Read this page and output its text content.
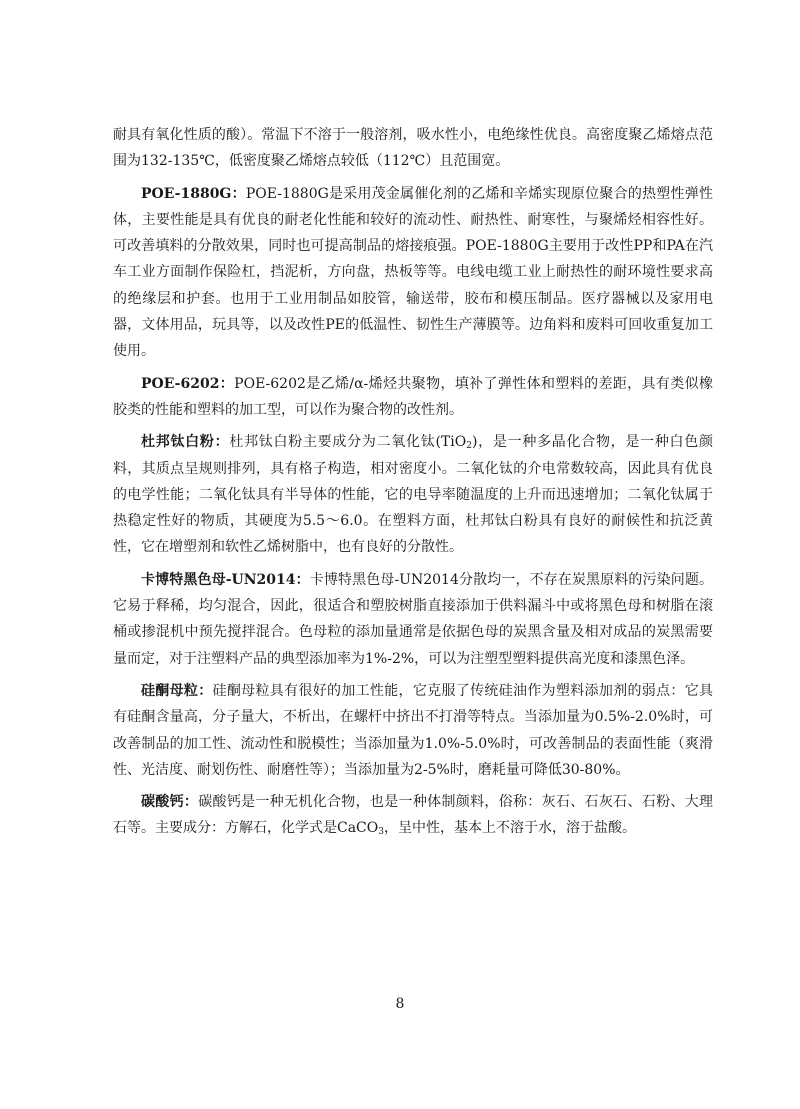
耐具有氧化性质的酸）。常温下不溶于一般溶剂，吸水性小，电绝缘性优良。高密度聚乙烯熔点范围为132-135℃，低密度聚乙烯熔点较低（112℃）且范围宽。

POE-1880G：POE-1880G是采用茂金属催化剂的乙烯和辛烯实现原位聚合的热塑性弹性体，主要性能是具有优良的耐老化性能和较好的流动性、耐热性、耐寒性，与聚烯烃相容性好。可改善填料的分散效果，同时也可提高制品的熔接痕强。POE-1880G主要用于改性PP和PA在汽车工业方面制作保险杠，挡泥析，方向盘，热板等等。电线电缆工业上耐热性的耐环境性要求高的绝缘层和护套。也用于工业用制品如胶管，输送带，胶布和模压制品。医疗器械以及家用电器，文体用品，玩具等，以及改性PE的低温性、韧性生产薄膜等。边角料和废料可回收重复加工使用。

POE-6202：POE-6202是乙烯/α-烯烃共聚物，填补了弹性体和塑料的差距，具有类似橡胶类的性能和塑料的加工型，可以作为聚合物的改性剂。

杜邦钛白粉：杜邦钛白粉主要成分为二氧化钛(TiO$_2$)，是一种多晶化合物，是一种白色颜料，其质点呈规则排列，具有格子构造，相对密度小。二氧化钛的介电常数较高，因此具有优良的电学性能；二氧化钛具有半导体的性能，它的电导率随温度的上升而迅速增加；二氧化钛属于热稳定性好的物质，其硬度为5.5～6.0。在塑料方面，杜邦钛白粉具有良好的耐候性和抗泛黄性，它在增塑剂和软性乙烯树脂中，也有良好的分散性。

卡博特黑色母-UN2014：卡博特黑色母-UN2014分散均一，不存在炭黑原料的污染问题。它易于释稀，均匀混合，因此，很适合和塑胶树脂直接添加于供料漏斗中或将黑色母和树脂在滚桶或掺混机中预先搅拌混合。色母粒的添加量通常是依据色母的炭黑含量及相对成品的炭黑需要量而定，对于注塑料产品的典型添加率为1%-2%，可以为注塑型塑料提供高光度和漆黑色泽。

硅酮母粒：硅酮母粒具有很好的加工性能，它克服了传统硅油作为塑料添加剂的弱点：它具有硅酮含量高，分子量大，不析出，在螺杆中挤出不打滑等特点。当添加量为0.5%-2.0%时，可改善制品的加工性、流动性和脱模性；当添加量为1.0%-5.0%时，可改善制品的表面性能（爽滑性、光洁度、耐划伤性、耐磨性等）；当添加量为2-5%时，磨耗量可降低30-80%。

碳酸钙：碳酸钙是一种无机化合物，也是一种体制颜料，俗称：灰石、石灰石、石粉、大理石等。主要成分：方解石，化学式是CaCO$_3$，呈中性，基本上不溶于水，溶于盐酸。

8
